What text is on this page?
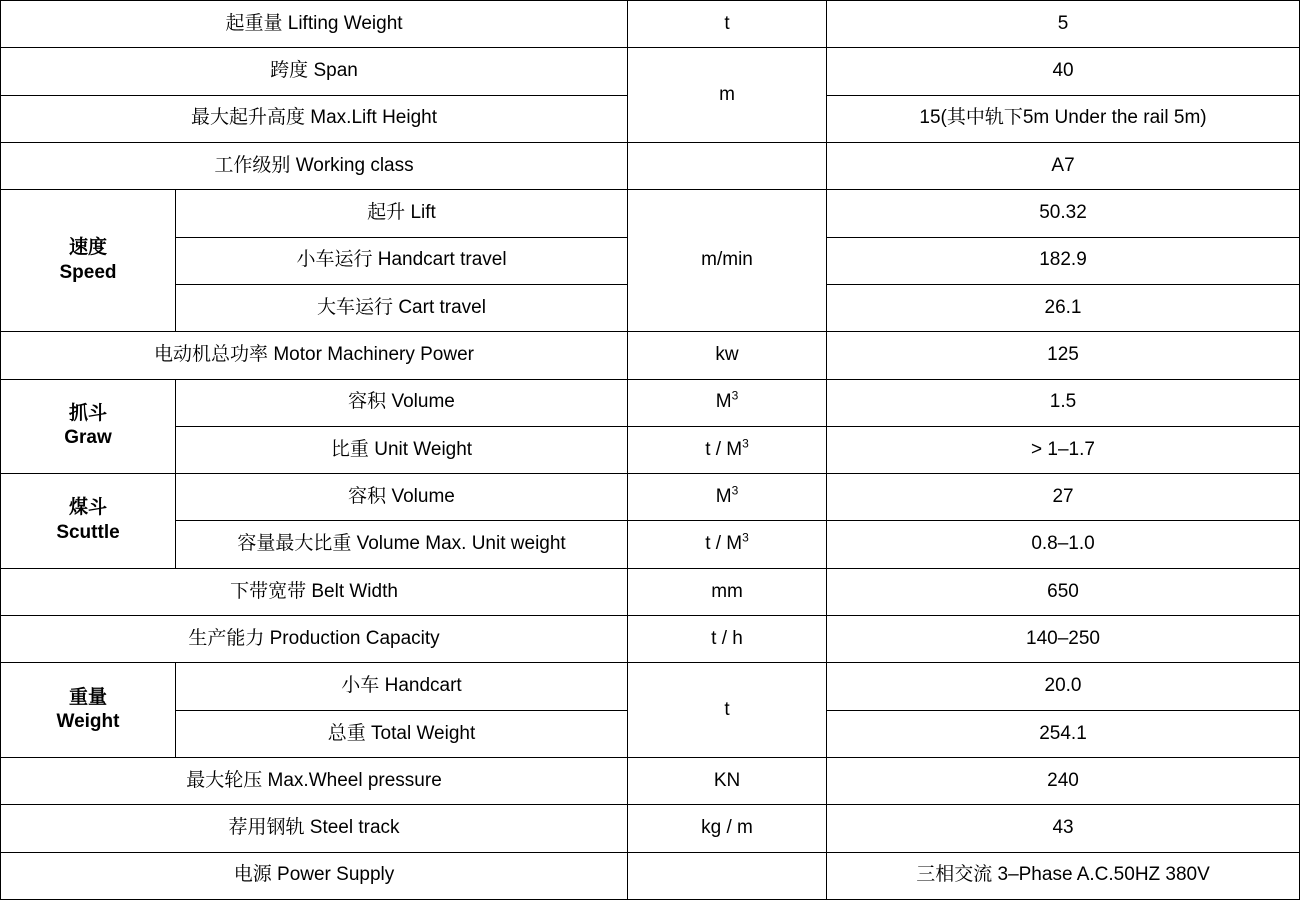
起重量 Lifting Weight		t	5
跨度 Span		m	40
最大起升高度 Max.Lift Height			15(其中轨下5m Under the rail 5m)
工作级别 Working class			A7

速度
Speed	起升 Lift	m/min	50.32
	小车运行 Handcart travel		182.9
	大车运行 Cart travel		26.1
电动机总功率 Motor Machinery Power		kw	125

抓斗
Graw	容积 Volume	$M^3$	1.5
	比重 Unit Weight	t / $M^3$	> 1–1.7

煤斗
Scuttle	容积 Volume	$M^3$	27
	容量最大比重 Volume Max. Unit weight	t / $M^3$	0.8–1.0
下带宽带 Belt Width		mm	650
生产能力 Production Capacity		t / h	140–250

重量
Weight	小车 Handcart	t	20.0
	总重 Total Weight		254.1
最大轮压 Max.Wheel pressure		KN	240
荐用钢轨 Steel track		kg / m	43
电源 Power Supply			三相交流 3–Phase A.C.50HZ 380V
